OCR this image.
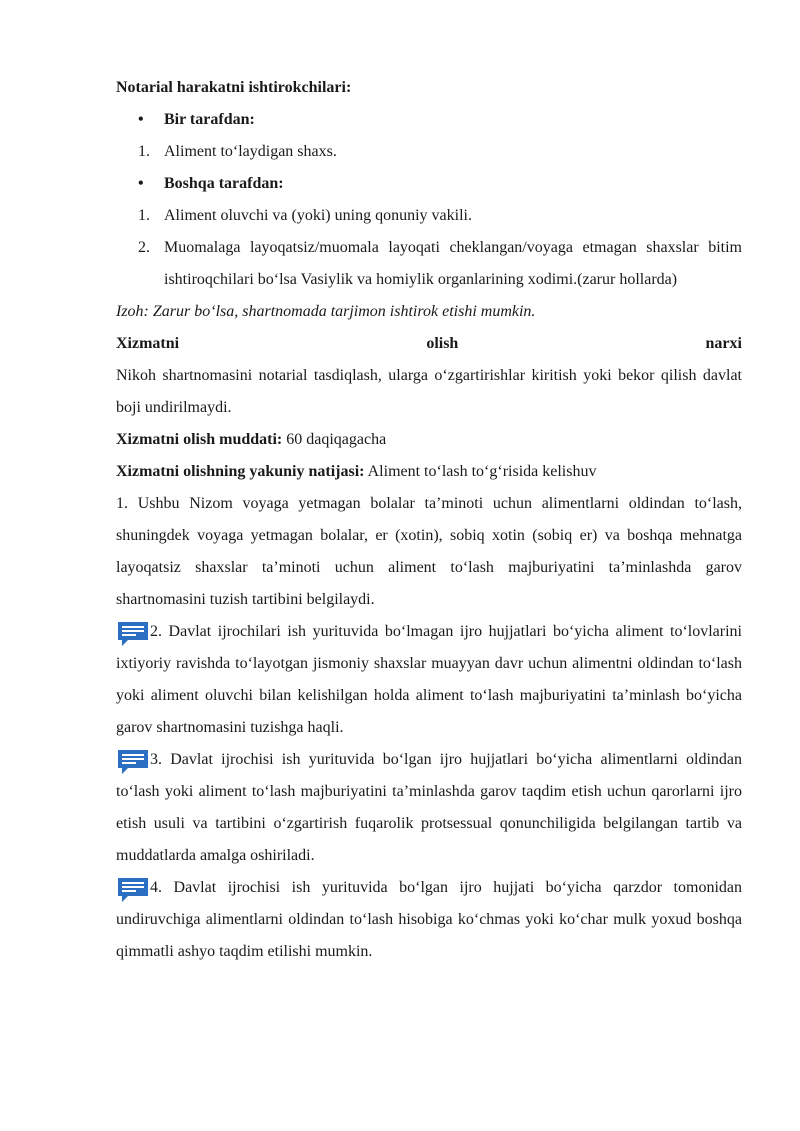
Notarial harakatni ishtirokchilari:

• Bir tarafdan:
1. Aliment to‘laydigan shaxs.
• Boshqa tarafdan:
1. Aliment oluvchi va (yoki) uning qonuniy vakili.
2. Muomalaga layoqatsiz/muomala layoqati cheklangan/voyaga etmagan shaxslar bitim ishtiroqchilari bo‘lsa Vasiylik va homiylik organlarining xodimi.(zarur hollarda)

Izoh: Zarur bo‘lsa, shartnomada tarjimon ishtirok etishi mumkin.

Xizmatni	olish	narxi

Nikoh shartnomasini notarial tasdiqlash, ularga o‘zgartirishlar kiritish yoki bekor qilish davlat boji undirilmaydi.

Xizmatni olish muddati: 60 daqiqagacha

Xizmatni olishning yakuniy natijasi: Aliment to‘lash to‘g‘risida kelishuv

1. Ushbu Nizom voyaga yetmagan bolalar ta’minoti uchun alimentlarni oldindan to‘lash, shuningdek voyaga yetmagan bolalar, er (xotin), sobiq xotin (sobiq er) va boshqa mehnatga layoqatsiz shaxslar ta’minoti uchun aliment to‘lash majburiyatini ta’minlashda garov shartnomasini tuzish tartibini belgilaydi.

2. Davlat ijrochilari ish yurituvida bo‘lmagan ijro hujjatlari bo‘yicha aliment to‘lovlarini ixtiyoriy ravishda to‘layotgan jismoniy shaxslar muayyan davr uchun alimentni oldindan to‘lash yoki aliment oluvchi bilan kelishilgan holda aliment to‘lash majburiyatini ta’minlash bo‘yicha garov shartnomasini tuzishga haqli.
3. Davlat ijrochisi ish yurituvida bo‘lgan ijro hujjatlari bo‘yicha alimentlarni oldindan to‘lash yoki aliment to‘lash majburiyatini ta’minlashda garov taqdim etish uchun qarorlarni ijro etish usuli va tartibini o‘zgartirish fuqarolik protsessual qonunchiligida belgilangan tartib va muddatlarda amalga oshiriladi.
4. Davlat ijrochisi ish yurituvida bo‘lgan ijro hujjati bo‘yicha qarzdor tomonidan undiruvchiga alimentlarni oldindan to‘lash hisobiga ko‘chmas yoki ko‘char mulk yoxud boshqa qimmatli ashyo taqdim etilishi mumkin.
